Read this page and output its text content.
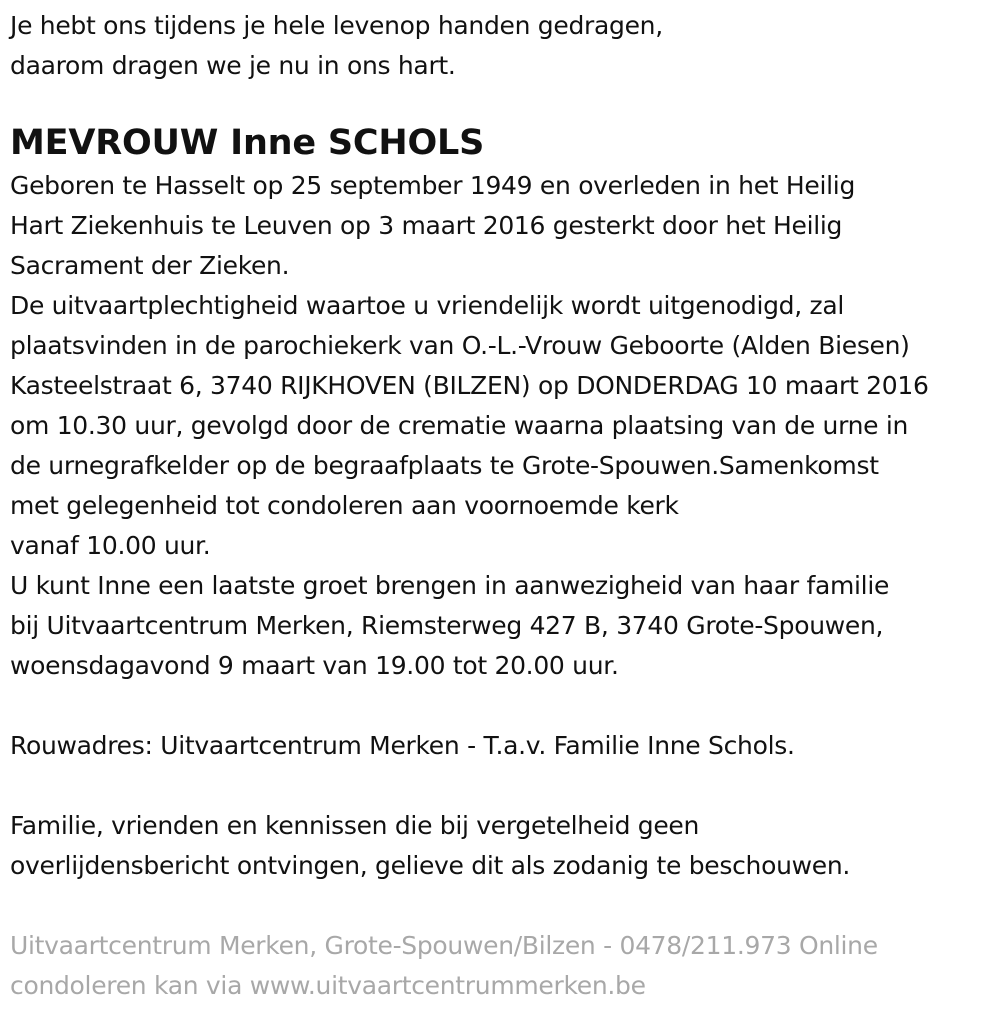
Je hebt ons tijdens je hele levenop handen gedragen,
daarom dragen we je nu in ons hart.
MEVROUW Inne SCHOLS
Geboren te Hasselt op 25 september 1949 en overleden in het Heilig
Hart Ziekenhuis te Leuven op 3 maart 2016 gesterkt door het Heilig
Sacrament der Zieken.
De uitvaartplechtigheid waartoe u vriendelijk wordt uitgenodigd, zal
plaatsvinden in de parochiekerk van O.-L.-Vrouw Geboorte (Alden Biesen)
Kasteelstraat 6, 3740 RIJKHOVEN (BILZEN) op DONDERDAG 10 maart 2016
om 10.30 uur, gevolgd door de crematie waarna plaatsing van de urne in
de urnegrafkelder op de begraafplaats te Grote-Spouwen.Samenkomst
met gelegenheid tot condoleren aan voornoemde kerk
vanaf 10.00 uur.
U kunt Inne een laatste groet brengen in aanwezigheid van haar familie
bij Uitvaartcentrum Merken, Riemsterweg 427 B, 3740 Grote-Spouwen,
woensdagavond 9 maart van 19.00 tot 20.00 uur.
Rouwadres: Uitvaartcentrum Merken - T.a.v. Familie Inne Schols.
Familie, vrienden en kennissen die bij vergetelheid geen
overlijdensbericht ontvingen, gelieve dit als zodanig te beschouwen.
Uitvaartcentrum Merken, Grote-Spouwen/Bilzen - 0478/211.973 Online
condoleren kan via www.uitvaartcentrummerken.be
